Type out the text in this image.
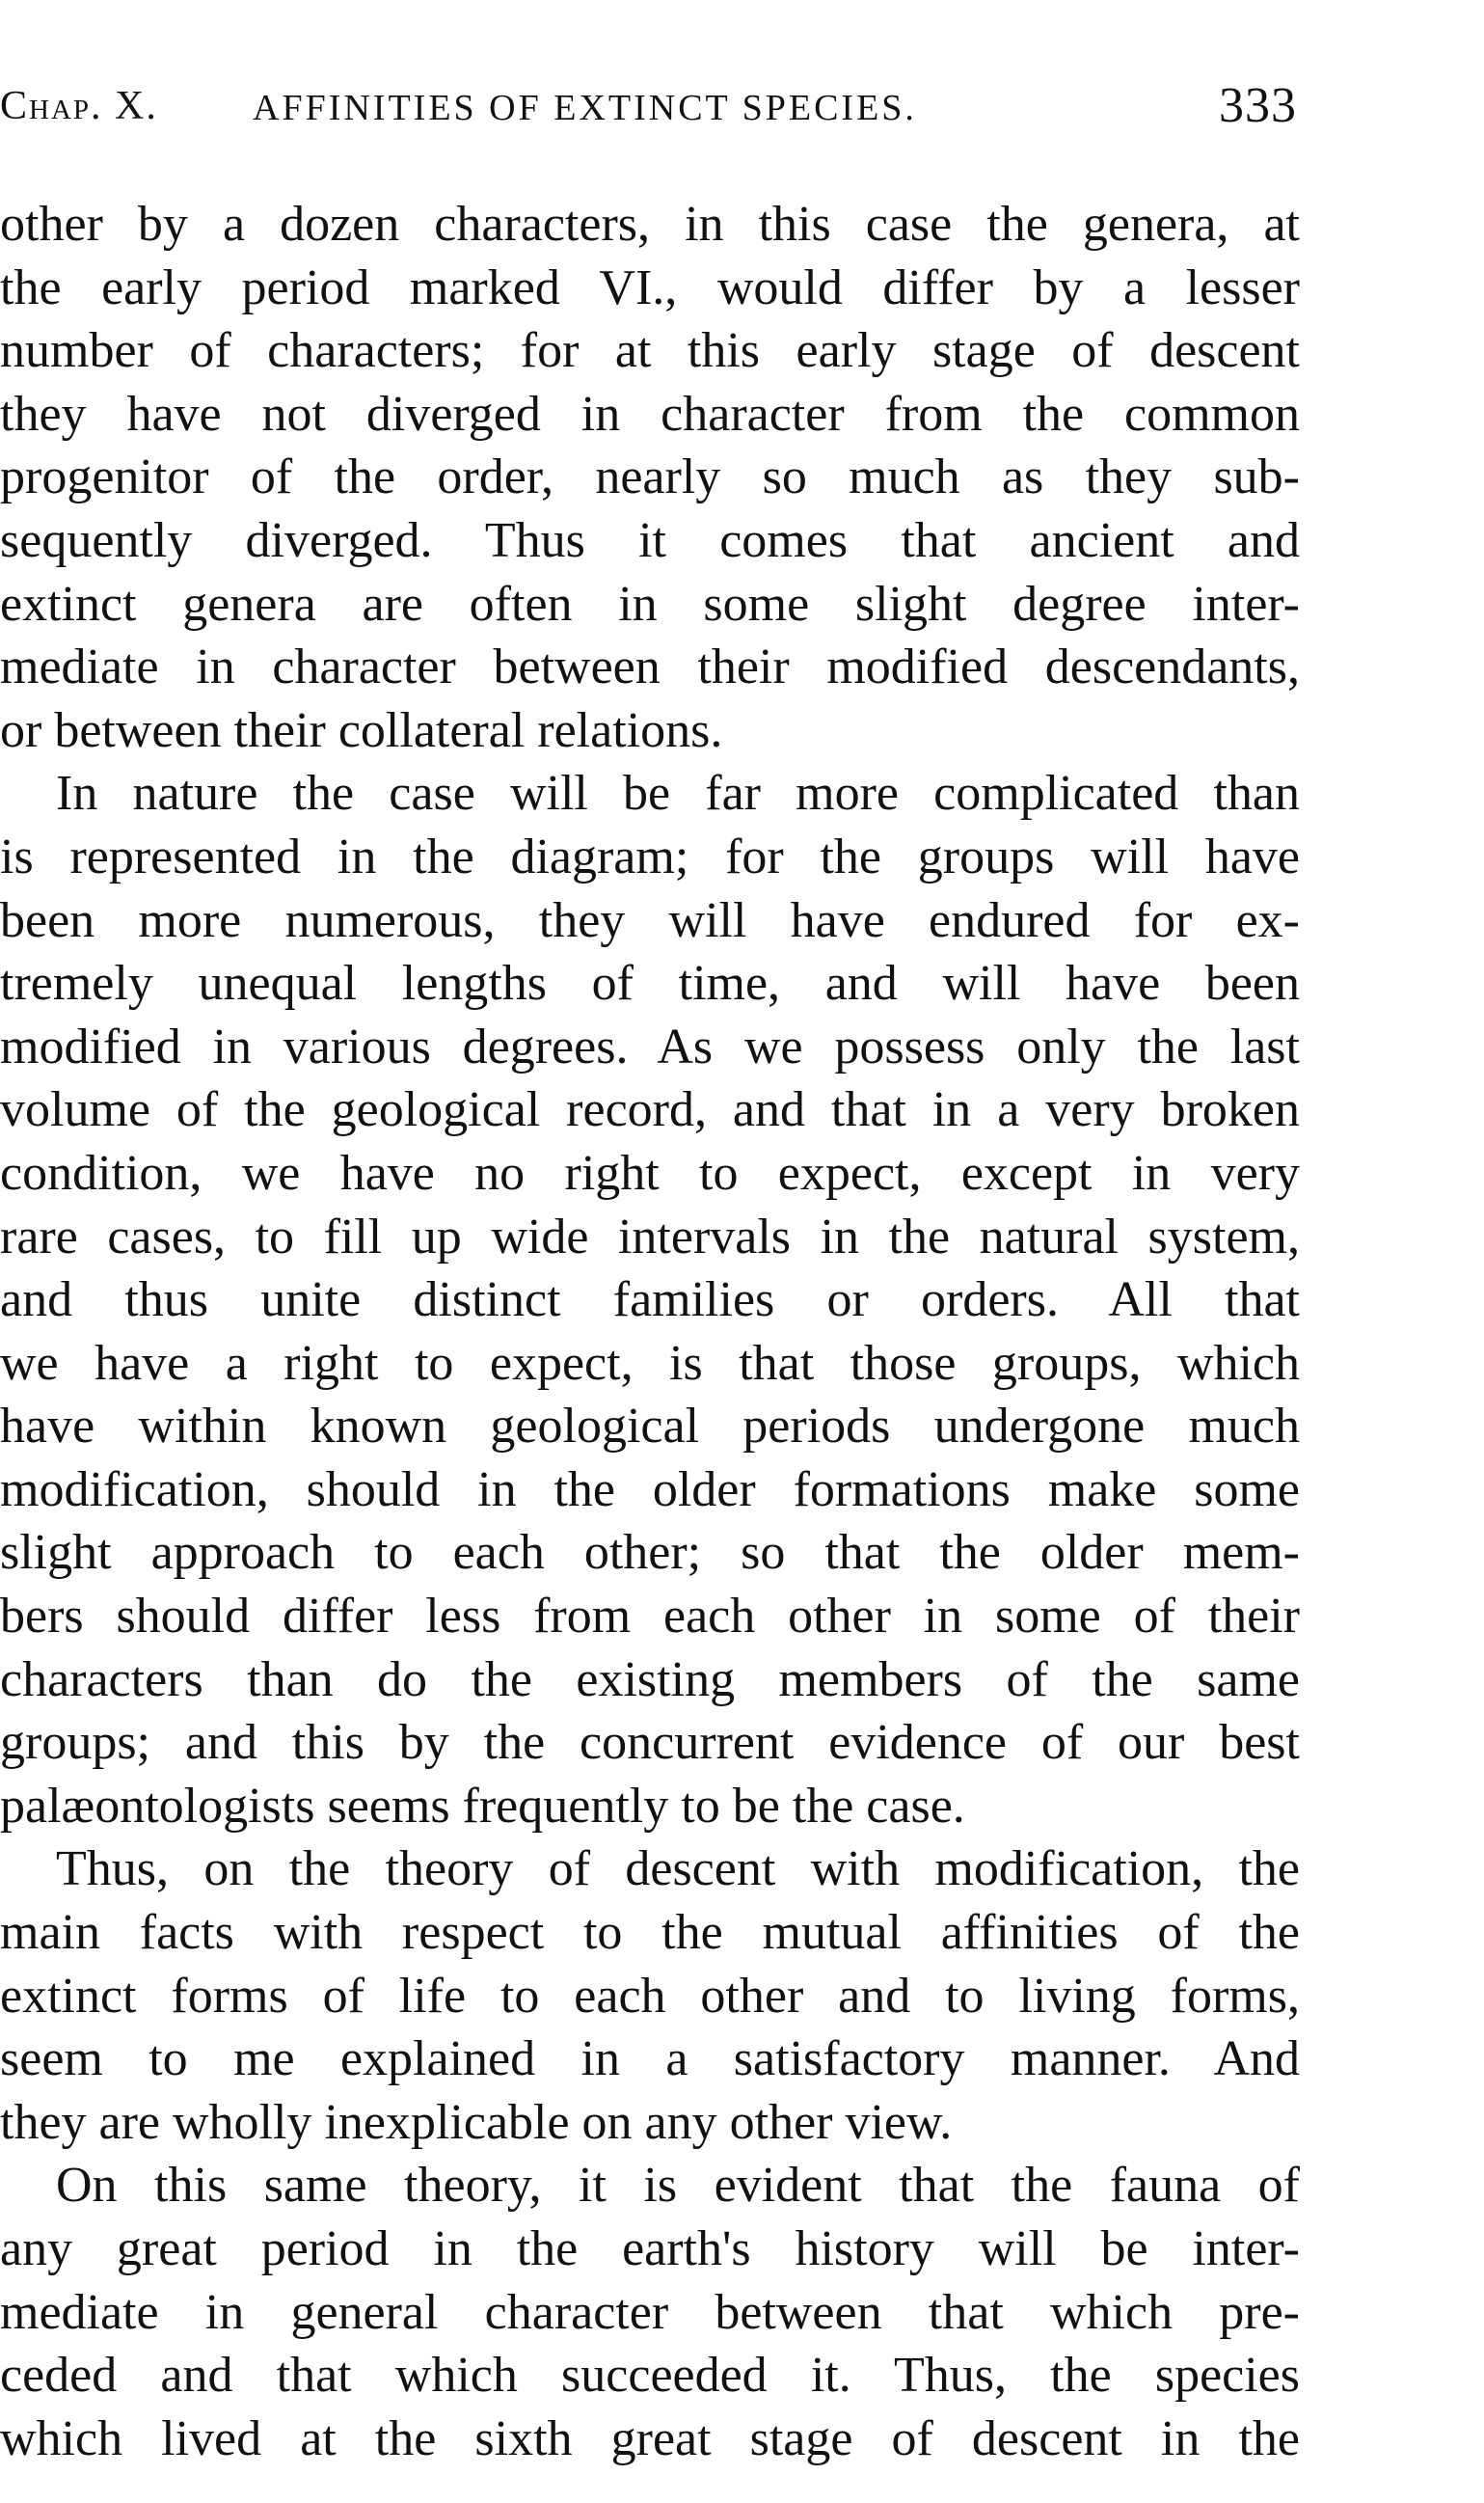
Chap. X.	AFFINITIES OF EXTINCT SPECIES.	333

other by a dozen characters, in this case the genera, at

the early period marked VI., would differ by a lesser

number of characters; for at this early stage of descent

they have not diverged in character from the common

progenitor of the order, nearly so much as they sub-

sequently diverged. Thus it comes that ancient and

extinct genera are often in some slight degree inter-

mediate in character between their modified descendants,

or between their collateral relations.

In nature the case will be far more complicated than

is represented in the diagram; for the groups will have

been more numerous, they will have endured for ex-

tremely unequal lengths of time, and will have been

modified in various degrees. As we possess only the last

volume of the geological record, and that in a very broken

condition, we have no right to expect, except in very

rare cases, to fill up wide intervals in the natural system,

and thus unite distinct families or orders. All that

we have a right to expect, is that those groups, which

have within known geological periods undergone much

modification, should in the older formations make some

slight approach to each other; so that the older mem-

bers should differ less from each other in some of their

characters than do the existing members of the same

groups; and this by the concurrent evidence of our best

palæontologists seems frequently to be the case.

Thus, on the theory of descent with modification, the

main facts with respect to the mutual affinities of the

extinct forms of life to each other and to living forms,

seem to me explained in a satisfactory manner. And

they are wholly inexplicable on any other view.

On this same theory, it is evident that the fauna of

any great period in the earth's history will be inter-

mediate in general character between that which pre-

ceded and that which succeeded it. Thus, the species

which lived at the sixth great stage of descent in the
